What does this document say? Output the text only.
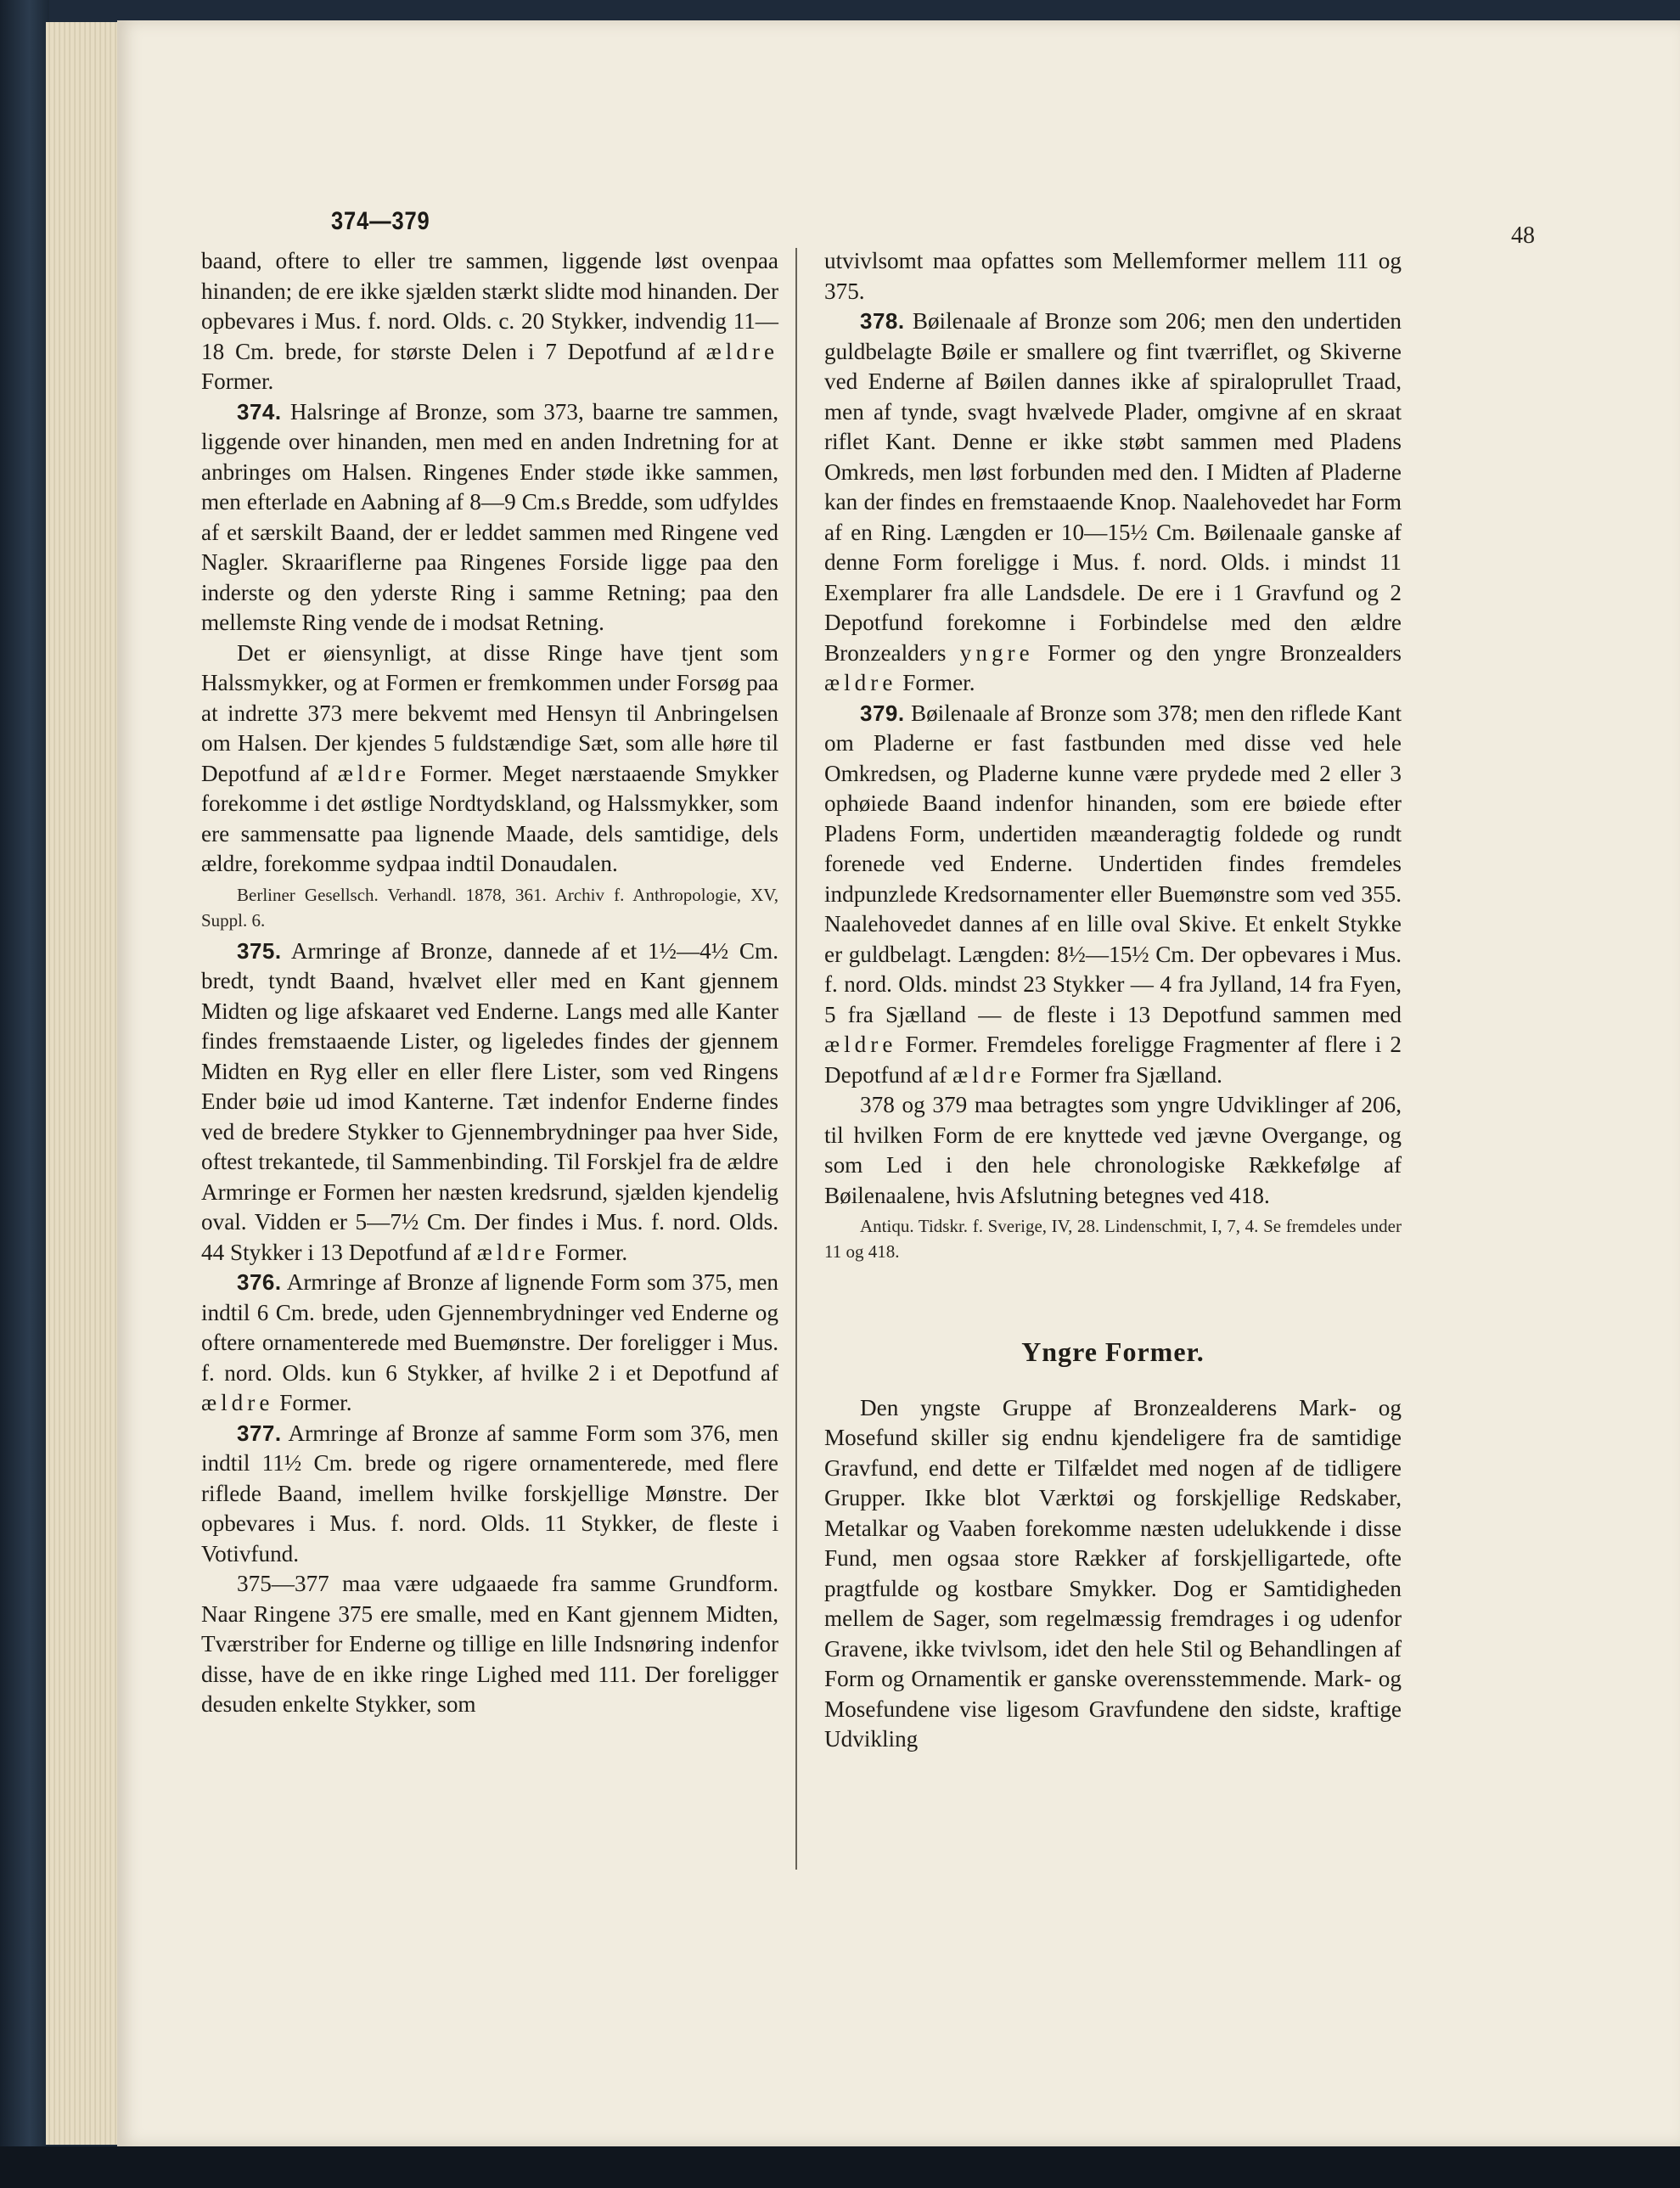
374—379
48

baand, oftere to eller tre sammen, liggende løst ovenpaa hinanden; de ere ikke sjælden stærkt slidte mod hinanden. Der opbevares i Mus. f. nord. Olds. c. 20 Stykker, indvendig 11—18 Cm. brede, for største Delen i 7 Depotfund af ældre Former.

374. Halsringe af Bronze, som 373, baarne tre sammen, liggende over hinanden, men med en anden Indretning for at anbringes om Halsen. Ringenes Ender støde ikke sammen, men efterlade en Aabning af 8—9 Cm.s Bredde, som udfyldes af et særskilt Baand, der er leddet sammen med Ringene ved Nagler. Skraariflerne paa Ringenes Forside ligge paa den inderste og den yderste Ring i samme Retning; paa den mellemste Ring vende de i modsat Retning.

Det er øiensynligt, at disse Ringe have tjent som Halssmykker, og at Formen er fremkommen under Forsøg paa at indrette 373 mere bekvemt med Hensyn til Anbringelsen om Halsen. Der kjendes 5 fuldstændige Sæt, som alle høre til Depotfund af ældre Former. Meget nærstaaende Smykker forekomme i det østlige Nordtydskland, og Halssmykker, som ere sammensatte paa lignende Maade, dels samtidige, dels ældre, forekomme sydpaa indtil Donaudalen.

Berliner Gesellsch. Verhandl. 1878, 361. Archiv f. Anthropologie, XV, Suppl. 6.

375. Armringe af Bronze, dannede af et 1½—4½ Cm. bredt, tyndt Baand, hvælvet eller med en Kant gjennem Midten og lige afskaaret ved Enderne. Langs med alle Kanter findes fremstaaende Lister, og ligeledes findes der gjennem Midten en Ryg eller en eller flere Lister, som ved Ringens Ender bøie ud imod Kanterne. Tæt indenfor Enderne findes ved de bredere Stykker to Gjennembrydninger paa hver Side, oftest trekantede, til Sammenbinding. Til Forskjel fra de ældre Armringe er Formen her næsten kredsrund, sjælden kjendelig oval. Vidden er 5—7½ Cm. Der findes i Mus. f. nord. Olds. 44 Stykker i 13 Depotfund af ældre Former.

376. Armringe af Bronze af lignende Form som 375, men indtil 6 Cm. brede, uden Gjennembrydninger ved Enderne og oftere ornamenterede med Buemønstre. Der foreligger i Mus. f. nord. Olds. kun 6 Stykker, af hvilke 2 i et Depotfund af ældre Former.

377. Armringe af Bronze af samme Form som 376, men indtil 11½ Cm. brede og rigere ornamenterede, med flere riflede Baand, imellem hvilke forskjellige Mønstre. Der opbevares i Mus. f. nord. Olds. 11 Stykker, de fleste i Votivfund.

375—377 maa være udgaaede fra samme Grundform. Naar Ringene 375 ere smalle, med en Kant gjennem Midten, Tværstriber for Enderne og tillige en lille Indsnøring indenfor disse, have de en ikke ringe Lighed med 111. Der foreligger desuden enkelte Stykker, som

utvivlsomt maa opfattes som Mellemformer mellem 111 og 375.

378. Bøilenaale af Bronze som 206; men den undertiden guldbelagte Bøile er smallere og fint tværriflet, og Skiverne ved Enderne af Bøilen dannes ikke af spiraloprullet Traad, men af tynde, svagt hvælvede Plader, omgivne af en skraat riflet Kant. Denne er ikke støbt sammen med Pladens Omkreds, men løst forbunden med den. I Midten af Pladerne kan der findes en fremstaaende Knop. Naalehovedet har Form af en Ring. Længden er 10—15½ Cm. Bøilenaale ganske af denne Form foreligge i Mus. f. nord. Olds. i mindst 11 Exemplarer fra alle Landsdele. De ere i 1 Gravfund og 2 Depotfund forekomne i Forbindelse med den ældre Bronzealders yngre Former og den yngre Bronzealders ældre Former.

379. Bøilenaale af Bronze som 378; men den riflede Kant om Pladerne er fast fastbunden med disse ved hele Omkredsen, og Pladerne kunne være prydede med 2 eller 3 ophøiede Baand indenfor hinanden, som ere bøiede efter Pladens Form, undertiden mæanderagtig foldede og rundt forenede ved Enderne. Undertiden findes fremdeles indpunzlede Kredsornamenter eller Buemønstre som ved 355. Naalehovedet dannes af en lille oval Skive. Et enkelt Stykke er guldbelagt. Længden: 8½—15½ Cm. Der opbevares i Mus. f. nord. Olds. mindst 23 Stykker — 4 fra Jylland, 14 fra Fyen, 5 fra Sjælland — de fleste i 13 Depotfund sammen med ældre Former. Fremdeles foreligge Fragmenter af flere i 2 Depotfund af ældre Former fra Sjælland.

378 og 379 maa betragtes som yngre Udviklinger af 206, til hvilken Form de ere knyttede ved jævne Overgange, og som Led i den hele chronologiske Rækkefølge af Bøilenaalene, hvis Afslutning betegnes ved 418.

Antiqu. Tidskr. f. Sverige, IV, 28. Lindenschmit, I, 7, 4. Se fremdeles under 11 og 418.

Yngre Former.

Den yngste Gruppe af Bronzealderens Mark- og Mosefund skiller sig endnu kjendeligere fra de samtidige Gravfund, end dette er Tilfældet med nogen af de tidligere Grupper. Ikke blot Værktøi og forskjellige Redskaber, Metalkar og Vaaben forekomme næsten udelukkende i disse Fund, men ogsaa store Rækker af forskjelligartede, ofte pragtfulde og kostbare Smykker. Dog er Samtidigheden mellem de Sager, som regelmæssig fremdrages i og udenfor Gravene, ikke tvivlsom, idet den hele Stil og Behandlingen af Form og Ornamentik er ganske overensstemmende. Mark- og Mosefundene vise ligesom Gravfundene den sidste, kraftige Udvikling
